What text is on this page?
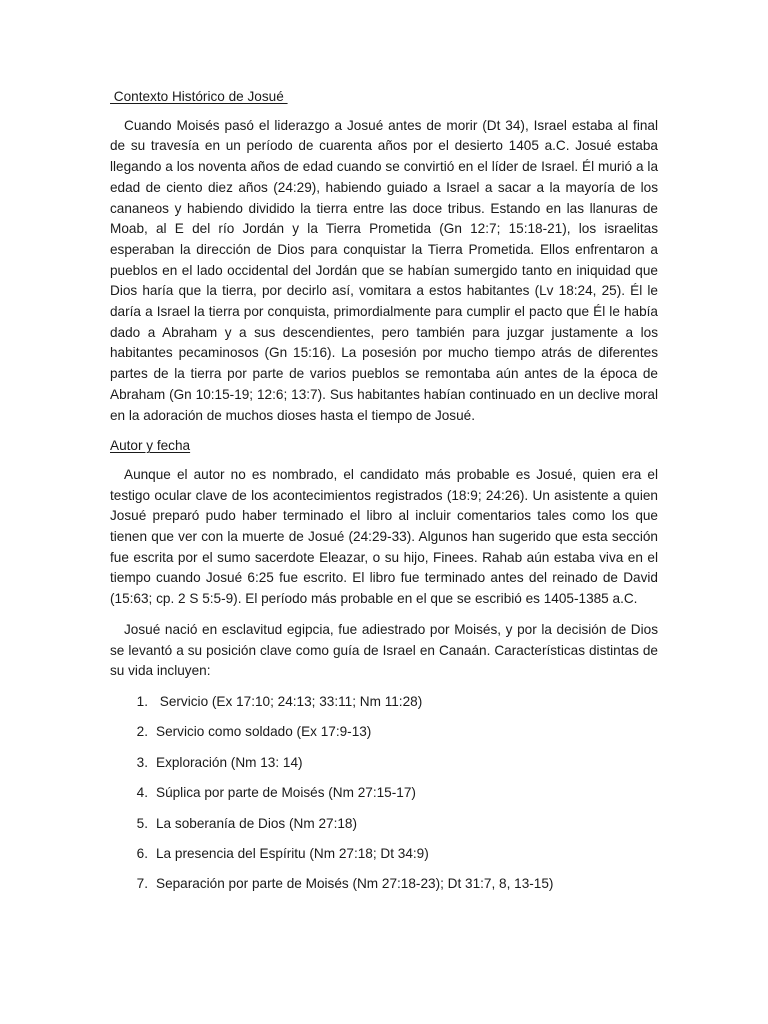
Contexto Histórico de Josué

Cuando Moisés pasó el liderazgo a Josué antes de morir (Dt 34), Israel estaba al final de su travesía en un período de cuarenta años por el desierto 1405 a.C. Josué estaba llegando a los noventa años de edad cuando se convirtió en el líder de Israel. Él murió a la edad de ciento diez años (24:29), habiendo guiado a Israel a sacar a la mayoría de los cananeos y habiendo dividido la tierra entre las doce tribus. Estando en las llanuras de Moab, al E del río Jordán y la Tierra Prometida (Gn 12:7; 15:18-21), los israelitas esperaban la dirección de Dios para conquistar la Tierra Prometida. Ellos enfrentaron a pueblos en el lado occidental del Jordán que se habían sumergido tanto en iniquidad que Dios haría que la tierra, por decirlo así, vomitara a estos habitantes (Lv 18:24, 25). Él le daría a Israel la tierra por conquista, primordialmente para cumplir el pacto que Él le había dado a Abraham y a sus descendientes, pero también para juzgar justamente a los habitantes pecaminosos (Gn 15:16). La posesión por mucho tiempo atrás de diferentes partes de la tierra por parte de varios pueblos se remontaba aún antes de la época de Abraham (Gn 10:15-19; 12:6; 13:7). Sus habitantes habían continuado en un declive moral en la adoración de muchos dioses hasta el tiempo de Josué.

Autor y fecha

Aunque el autor no es nombrado, el candidato más probable es Josué, quien era el testigo ocular clave de los acontecimientos registrados (18:9; 24:26). Un asistente a quien Josué preparó pudo haber terminado el libro al incluir comentarios tales como los que tienen que ver con la muerte de Josué (24:29-33). Algunos han sugerido que esta sección fue escrita por el sumo sacerdote Eleazar, o su hijo, Finees. Rahab aún estaba viva en el tiempo cuando Josué 6:25 fue escrito. El libro fue terminado antes del reinado de David (15:63; cp. 2 S 5:5-9). El período más probable en el que se escribió es 1405-1385 a.C.

Josué nació en esclavitud egipcia, fue adiestrado por Moisés, y por la decisión de Dios se levantó a su posición clave como guía de Israel en Canaán. Características distintas de su vida incluyen:

1. Servicio (Ex 17:10; 24:13; 33:11; Nm 11:28)
2. Servicio como soldado (Ex 17:9-13)
3. Exploración (Nm 13: 14)
4. Súplica por parte de Moisés (Nm 27:15-17)
5. La soberanía de Dios (Nm 27:18)
6. La presencia del Espíritu (Nm 27:18; Dt 34:9)
7. Separación por parte de Moisés (Nm 27:18-23); Dt 31:7, 8, 13-15)
